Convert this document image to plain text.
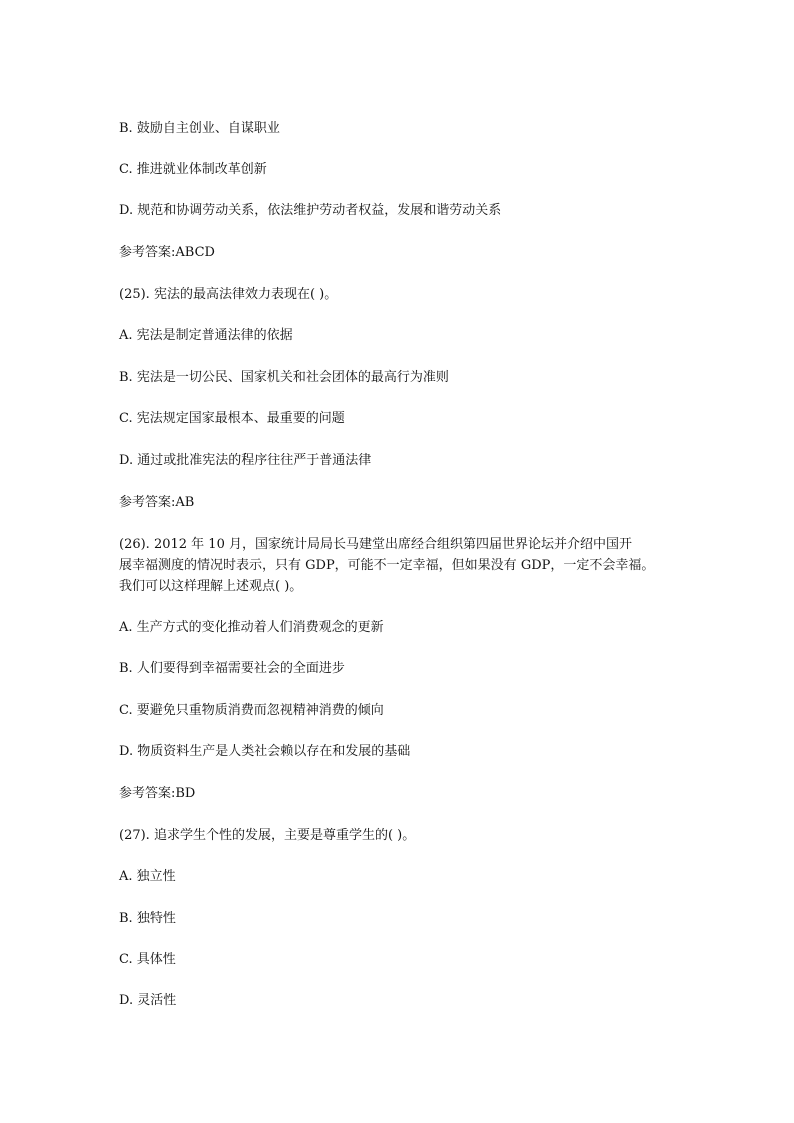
B. 鼓励自主创业、自谋职业
C. 推进就业体制改革创新
D. 规范和协调劳动关系，依法维护劳动者权益，发展和谐劳动关系
参考答案:ABCD
(25). 宪法的最高法律效力表现在( )。
A. 宪法是制定普通法律的依据
B. 宪法是一切公民、国家机关和社会团体的最高行为准则
C. 宪法规定国家最根本、最重要的问题
D. 通过或批准宪法的程序往往严于普通法律
参考答案:AB
(26). 2012 年 10 月，国家统计局局长马建堂出席经合组织第四届世界论坛并介绍中国开
展幸福测度的情况时表示，只有 GDP，可能不一定幸福，但如果没有 GDP，一定不会幸福。
我们可以这样理解上述观点( )。
A. 生产方式的变化推动着人们消费观念的更新
B. 人们要得到幸福需要社会的全面进步
C. 要避免只重物质消费而忽视精神消费的倾向
D. 物质资料生产是人类社会赖以存在和发展的基础
参考答案:BD
(27). 追求学生个性的发展，主要是尊重学生的( )。
A. 独立性
B. 独特性
C. 具体性
D. 灵活性
